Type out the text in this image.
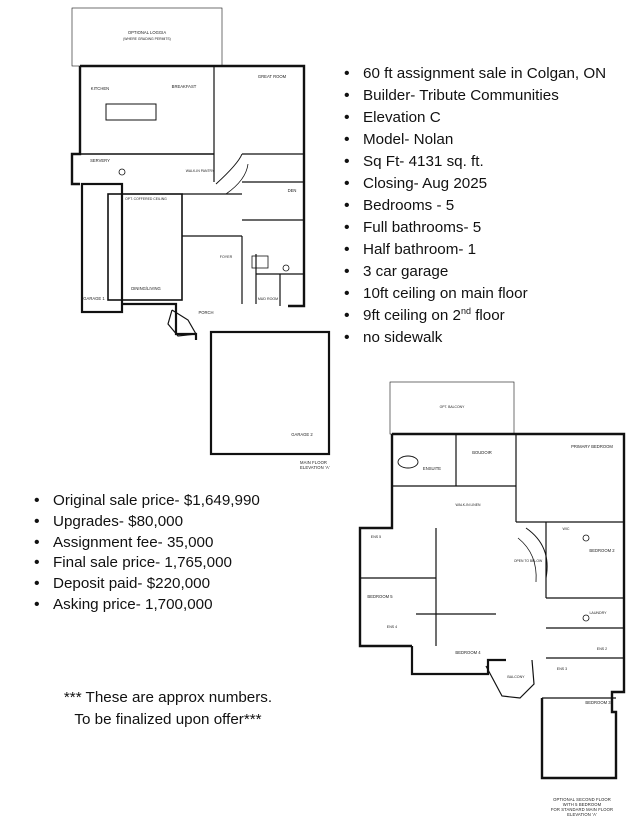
OPTIONAL LOGGIA
(WHERE GRADING PERMITS)
KITCHEN	BREAKFAST
GREAT ROOM
DEN
SERVERY
WALK-IN PANTRY
OPT. COFFERED CEILING
DINING/LIVING
GARAGE 1
PORCH
MUD ROOM
FOYER
GARAGE 2
MAIN FLOOR
ELEVATION 'A'
• 60 ft assignment sale in Colgan, ON
• Builder- Tribute Communities
• Elevation C
• Model- Nolan
• Sq Ft- 4131 sq. ft.
• Closing- Aug 2025
• Bedrooms - 5
• Full bathrooms- 5
• Half bathroom- 1
• 3 car garage
• 10ft ceiling on main floor
• 9ft ceiling on 2nd floor
• no sidewalk
• Original sale price- $1,649,990
• Upgrades- $80,000
• Assignment fee- 35,000
• Final sale price- 1,765,000
• Deposit paid- $220,000
• Asking price- 1,700,000
*** These are approx numbers.
To be finalized upon offer***
OPT. BALCONY
PRIMARY BEDROOM
BOUDOIR
ENSUITE
BEDROOM 2
BEDROOM 3
BEDROOM 4
BEDROOM 5
LAUNDRY
BALCONY
WALK-IN LINEN
OPEN TO BELOW
WIC
ENS 2
ENS 3
ENS 4
ENS 5
OPTIONAL SECOND FLOOR
WITH 5 BEDROOM
FOR STANDARD MAIN FLOOR
ELEVATION 'A'
